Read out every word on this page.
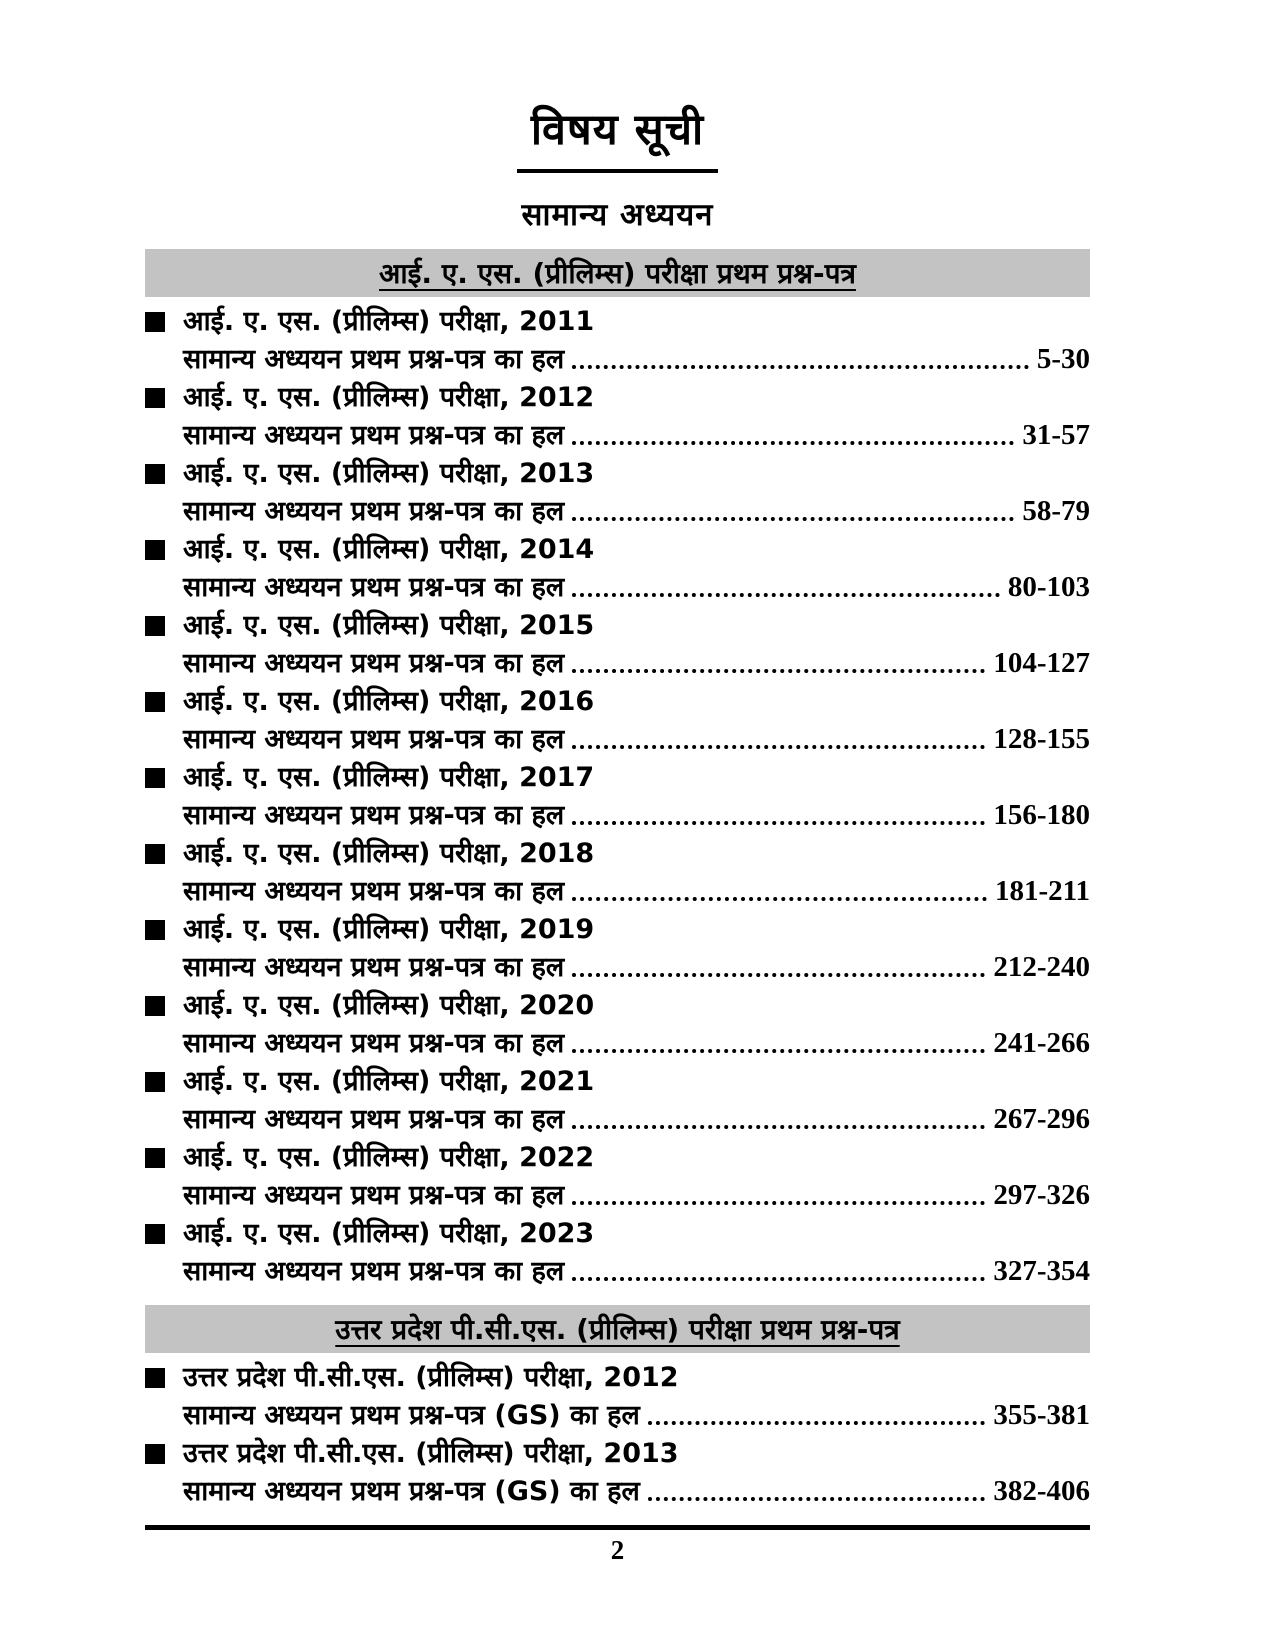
विषय सूची
सामान्य अध्ययन
आई. ए. एस. (प्रीलिम्स) परीक्षा प्रथम प्रश्न-पत्र
आई. ए. एस. (प्रीलिम्स) परीक्षा, 2011
सामान्य अध्ययन प्रथम प्रश्न-पत्र का हल	5-30
आई. ए. एस. (प्रीलिम्स) परीक्षा, 2012
सामान्य अध्ययन प्रथम प्रश्न-पत्र का हल	31-57
आई. ए. एस. (प्रीलिम्स) परीक्षा, 2013
सामान्य अध्ययन प्रथम प्रश्न-पत्र का हल	58-79
आई. ए. एस. (प्रीलिम्स) परीक्षा, 2014
सामान्य अध्ययन प्रथम प्रश्न-पत्र का हल	80-103
आई. ए. एस. (प्रीलिम्स) परीक्षा, 2015
सामान्य अध्ययन प्रथम प्रश्न-पत्र का हल	104-127
आई. ए. एस. (प्रीलिम्स) परीक्षा, 2016
सामान्य अध्ययन प्रथम प्रश्न-पत्र का हल	128-155
आई. ए. एस. (प्रीलिम्स) परीक्षा, 2017
सामान्य अध्ययन प्रथम प्रश्न-पत्र का हल	156-180
आई. ए. एस. (प्रीलिम्स) परीक्षा, 2018
सामान्य अध्ययन प्रथम प्रश्न-पत्र का हल	181-211
आई. ए. एस. (प्रीलिम्स) परीक्षा, 2019
सामान्य अध्ययन प्रथम प्रश्न-पत्र का हल	212-240
आई. ए. एस. (प्रीलिम्स) परीक्षा, 2020
सामान्य अध्ययन प्रथम प्रश्न-पत्र का हल	241-266
आई. ए. एस. (प्रीलिम्स) परीक्षा, 2021
सामान्य अध्ययन प्रथम प्रश्न-पत्र का हल	267-296
आई. ए. एस. (प्रीलिम्स) परीक्षा, 2022
सामान्य अध्ययन प्रथम प्रश्न-पत्र का हल	297-326
आई. ए. एस. (प्रीलिम्स) परीक्षा, 2023
सामान्य अध्ययन प्रथम प्रश्न-पत्र का हल	327-354
उत्तर प्रदेश पी.सी.एस. (प्रीलिम्स) परीक्षा प्रथम प्रश्न-पत्र
उत्तर प्रदेश पी.सी.एस. (प्रीलिम्स) परीक्षा, 2012
सामान्य अध्ययन प्रथम प्रश्न-पत्र (GS) का हल	355-381
उत्तर प्रदेश पी.सी.एस. (प्रीलिम्स) परीक्षा, 2013
सामान्य अध्ययन प्रथम प्रश्न-पत्र (GS) का हल	382-406
2
